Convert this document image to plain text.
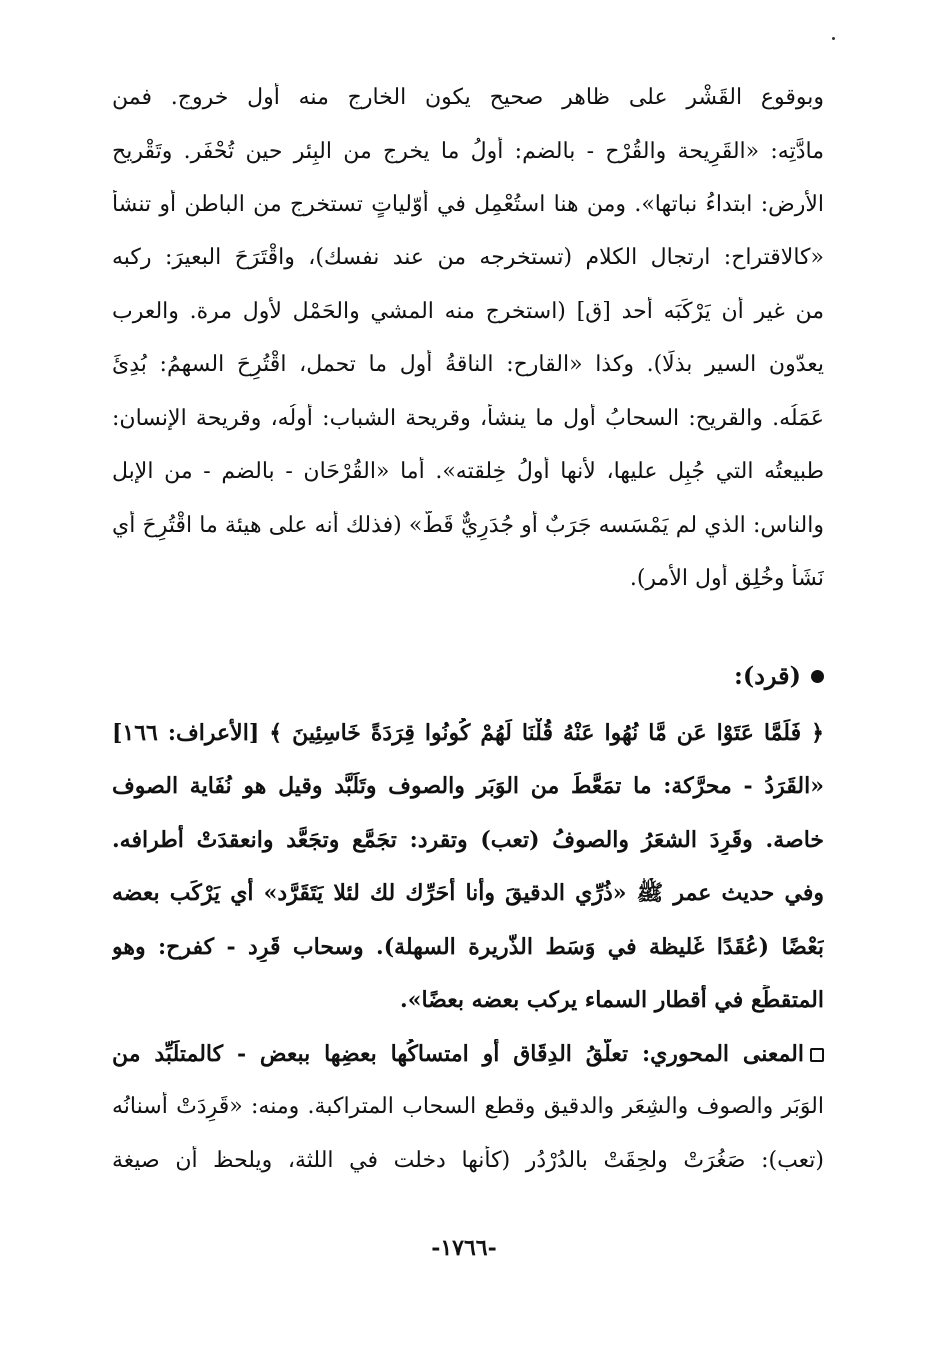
وبوقوع القَشْر على ظاهر صحيح يكون الخارج منه أول خروج. فمن
مادَّتِه: «القَرِيحة والقُرْح - بالضم: أولُ ما يخرج من البِئر حين تُحْفَر. وتَقْريح
الأرض: ابتداءُ نباتها». ومن هنا استُعْمِل في أوّلياتٍ تستخرج من الباطن أو تنشأ
«كالاقتراح: ارتجال الكلام (تستخرجه من عند نفسك)، واقْتَرَحَ البعيرَ: ركبه
من غير أن يَرْكَبَه أحد [ق] (استخرج منه المشي والحَمْل لأول مرة. والعرب
يعدّون السير بذلًا). وكذا «القارح: الناقةُ أول ما تحمل، اقْتُرِحَ السهمُ: بُدِئَ
عَمَلُه. والقريح: السحابُ أول ما ينشأ، وقريحة الشباب: أولُه، وقريحة الإنسان:
طبيعتُه التي جُبِل عليها، لأنها أولُ خِلقته». أما «القُرْحَان - بالضم - من الإبل
والناس: الذي لم يَمْسَسه جَرَبٌ أو جُدَرِيٌّ قَطّ» (فذلك أنه على هيئة ما اقْتُرِحَ أي
نَشَأ وخُلِق أول الأمر).
(قرد):
﴿ فَلَمَّا عَتَوْا عَن مَّا نُهُوا عَنْهُ قُلْنَا لَهُمْ كُونُوا قِرَدَةً خَاسِئِينَ ﴾ [الأعراف: ١٦٦]
«القَرَدُ - محرَّكة: ما تمَعَّطَ من الوَبَر والصوف وتَلَبَّد وقيل هو نُفَاية الصوف
خاصة. وقَرِدَ الشعَرُ والصوفُ (تعب) وتقرد: تجَمَّع وتجَعَّد وانعقدَتْ أطرافه.
وفي حديث عمر ﷺ «ذُرِّي الدقيقَ وأنا أُحَرِّك لك لئلا يَتَقَرَّد» أي يَرْكَب بعضه
بَعْضًا (عُقَدًا غَليظة في وَسَط الذّريرة السهلة). وسحاب قَرِد - كفرح: وهو
المتقطِّع في أقطار السماء يركب بعضه بعضًا».
المعنى المحوري: تعلُّقُ الدِقَاق أو امتساكُها بعضِها ببعض - كالمتلَبِّد من
الوَبَر والصوف والشِعَر والدقيق وقطع السحاب المتراكبة. ومنه: «قَرِدَتْ أسنانُه
(تعب): صَغُرَتْ ولحِقَتْ بالدُرْدُر (كأنها دخلت في اللثة، ويلحظ أن صيغة
-١٧٦٦-
